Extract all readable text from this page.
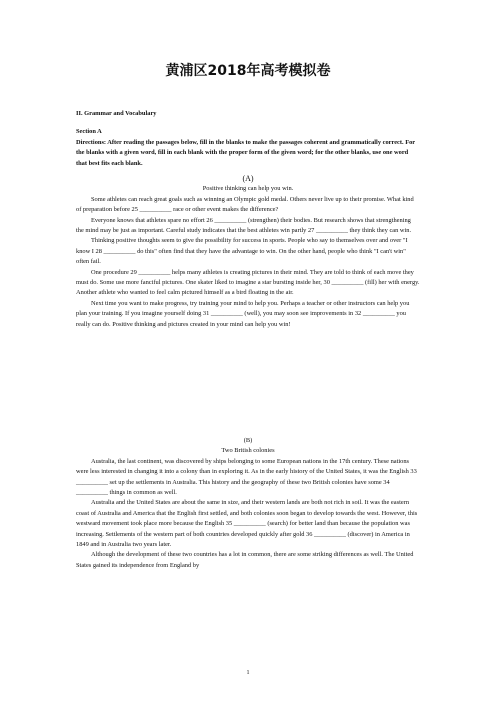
黄浦区2018年高考模拟卷
II. Grammar and Vocabulary
Section A

Directions: After reading the passages below, fill in the blanks to make the passages coherent and grammatically correct. For the blanks with a given word, fill in each blank with the proper form of the given word; for the other blanks, use one word that best fits each blank.

(A)

Positive thinking can help you win.

Some athletes can reach great goals such as winning an Olympic gold medal. Others never live up to their promise. What kind of preparation before 25 __________ race or other event makes the difference?

Everyone knows that athletes spare no effort 26 __________ (strengthen) their bodies. But research shows that strengthening the mind may be just as important. Careful study indicates that the best athletes win partly 27 __________ they think they can win.

Thinking positive thoughts seem to give the possibility for success in sports. People who say to themselves over and over "I know I 28 __________ do this" often find that they have the advantage to win. On the other hand, people who think "I can't win" often fail.

One procedure 29 __________ helps many athletes is creating pictures in their mind. They are told to think of each move they must do. Some use more fanciful pictures. One skater liked to imagine a star bursting inside her, 30 __________ (fill) her with energy. Another athlete who wanted to feel calm pictured himself as a bird floating in the air.

Next time you want to make progress, try training your mind to help you. Perhaps a teacher or other instructors can help you plan your training. If you imagine yourself doing 31 __________ (well), you may soon see improvements in 32 __________ you really can do. Positive thinking and pictures created in your mind can help you win!

(B)

Two British colonies

Australia, the last continent, was discovered by ships belonging to some European nations in the 17th century. These nations were less interested in changing it into a colony than in exploring it. As in the early history of the United States, it was the English 33 __________ set up the settlements in Australia. This history and the geography of these two British colonies have some 34 __________ things in common as well.

Australia and the United States are about the same in size, and their western lands are both not rich in soil. It was the eastern coast of Australia and America that the English first settled, and both colonies soon began to develop towards the west. However, this westward movement took place more because the English 35 __________ (search) for better land than because the population was increasing. Settlements of the western part of both countries developed quickly after gold 36 __________ (discover) in America in 1849 and in Australia two years later.

Although the development of these two countries has a lot in common, there are some striking differences as well. The United States gained its independence from England by

1
